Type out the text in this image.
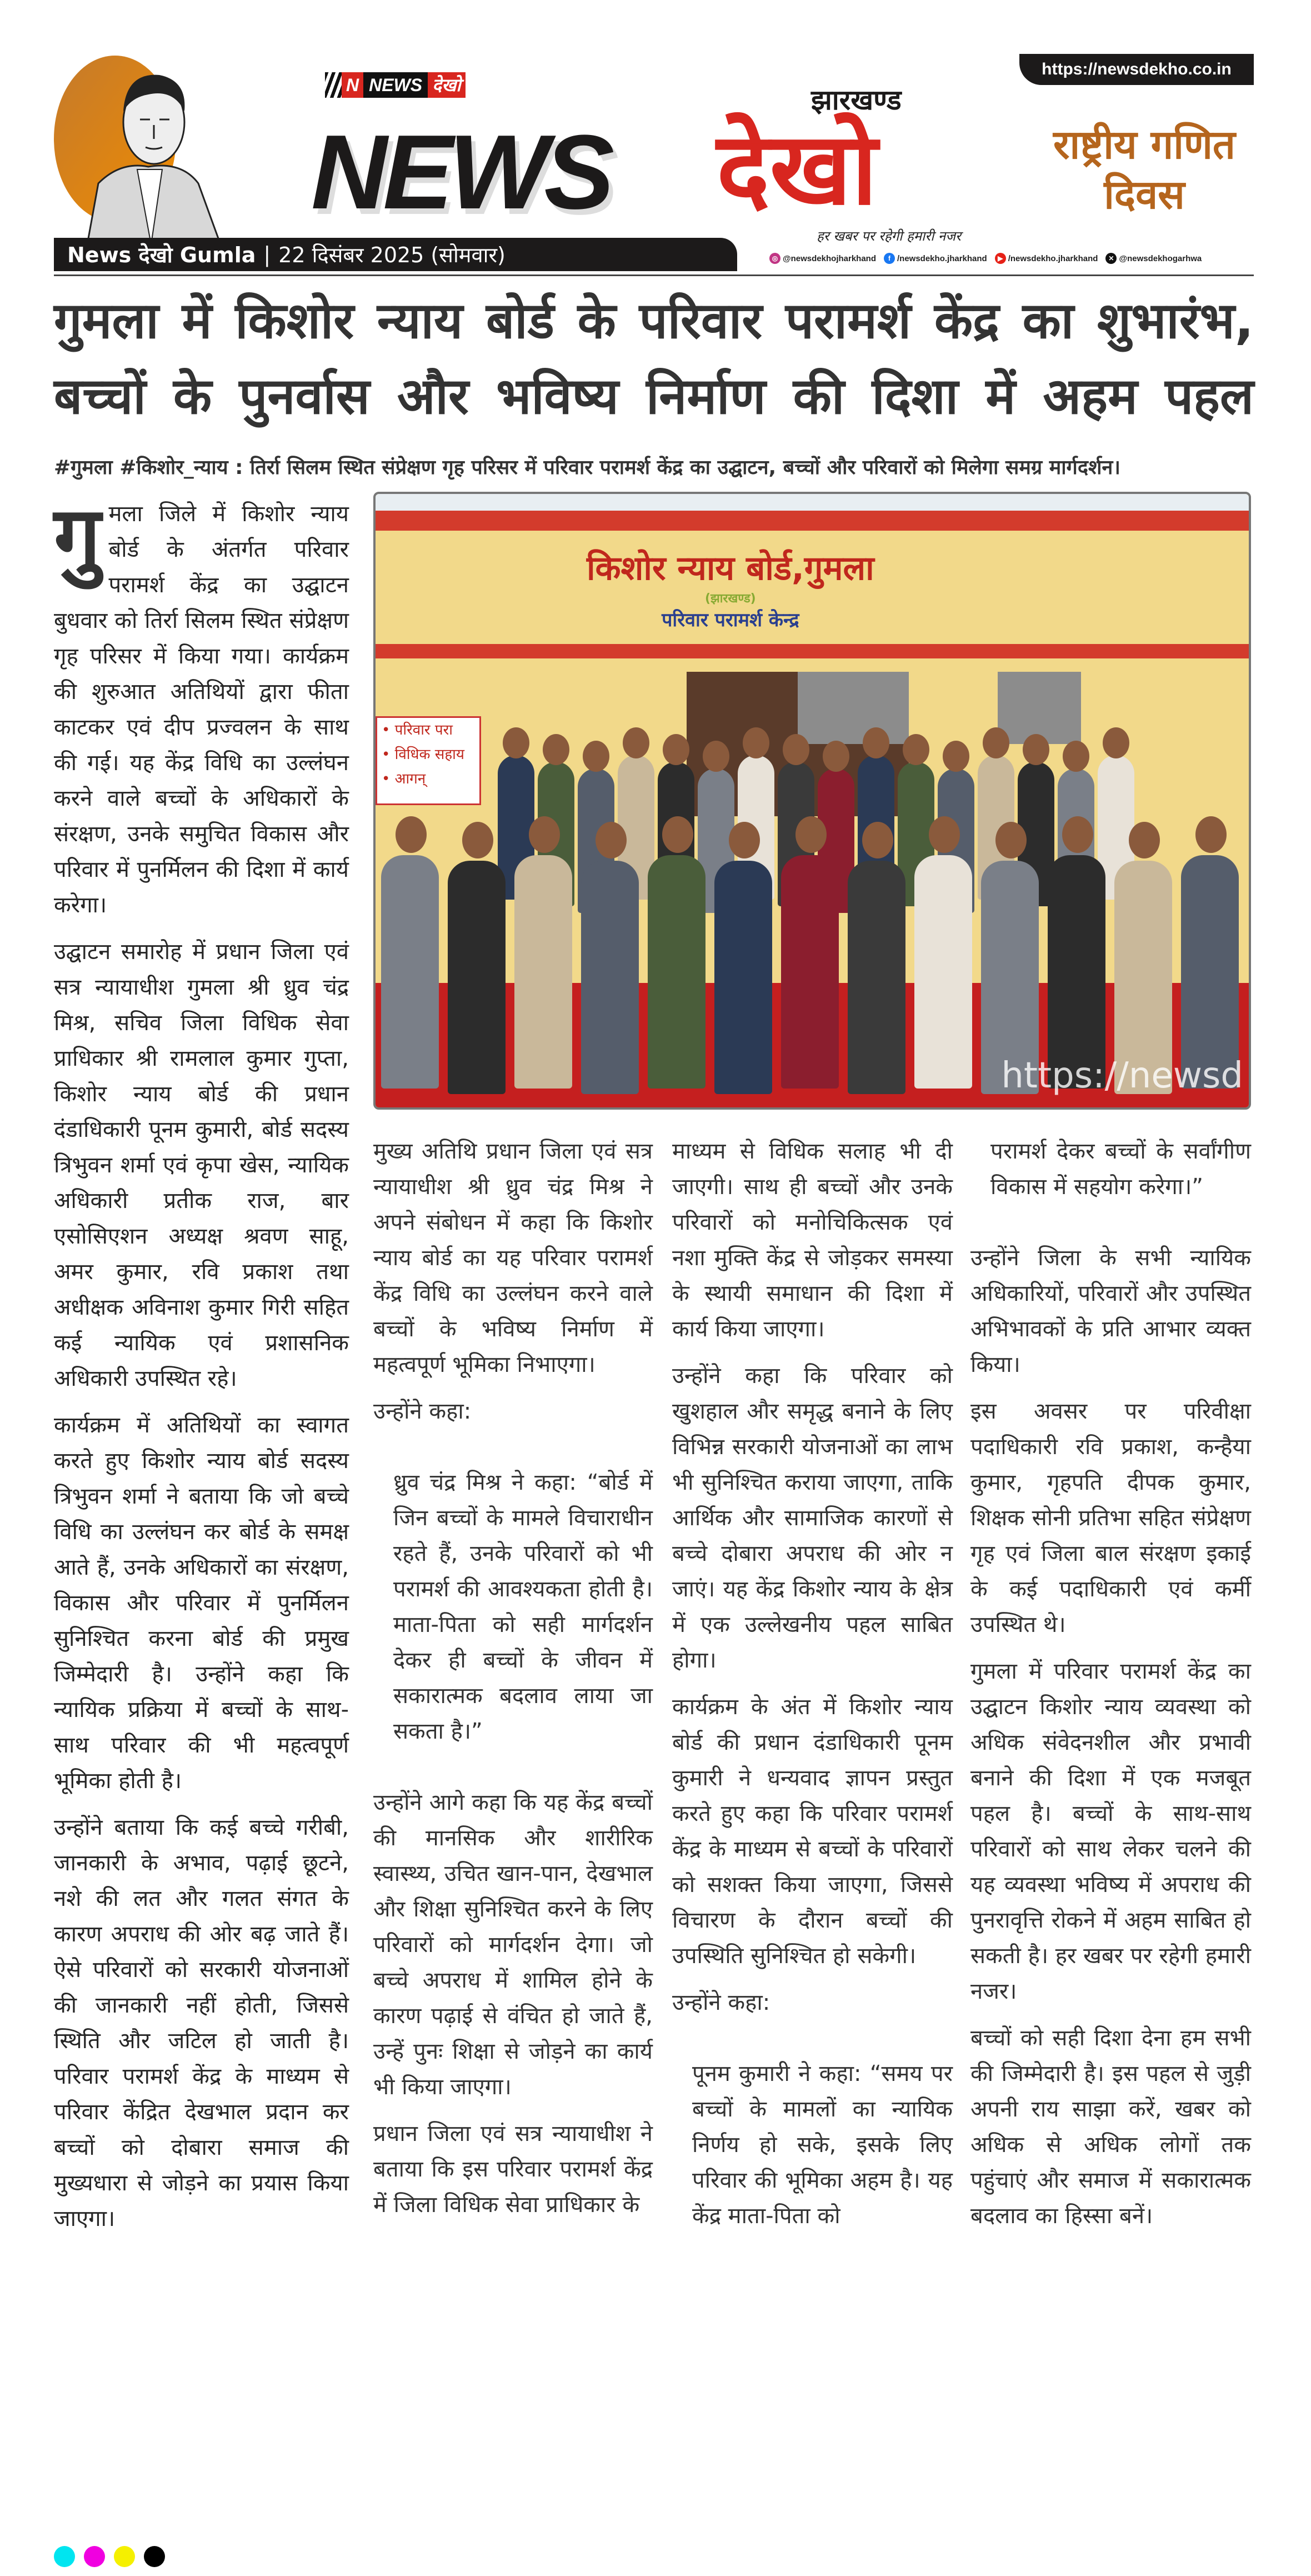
https://newsdekho.co.in
N NEWS देखो
NEWS
झारखण्ड
देखो
हर खबर पर रहेगी हमारी नजर
राष्ट्रीय गणित
दिवस
News देखो Gumla | 22 दिसंबर 2025 (सोमवार)	◎ @newsdekhojharkhand	f /newsdekho.jharkhand	▶ /newsdekho.jharkhand	✕ @newsdekhogarhwa
गुमला में किशोर न्याय बोर्ड के परिवार परामर्श केंद्र का शुभारंभ,
बच्चों के पुनर्वास और भविष्य निर्माण की दिशा में अहम पहल
#गुमला #किशोर_न्याय : तिर्रा सिलम स्थित संप्रेक्षण गृह परिसर में परिवार परामर्श केंद्र का उद्घाटन, बच्चों और परिवारों को मिलेगा समग्र मार्गदर्शन।

गुमला जिले में किशोर न्याय बोर्ड के अंतर्गत परिवार परामर्श केंद्र का उद्घाटन बुधवार को तिर्रा सिलम स्थित संप्रेक्षण गृह परिसर में किया गया। कार्यक्रम की शुरुआत अतिथियों द्वारा फीता काटकर एवं दीप प्रज्वलन के साथ की गई। यह केंद्र विधि का उल्लंघन करने वाले बच्चों के अधिकारों के संरक्षण, उनके समुचित विकास और परिवार में पुनर्मिलन की दिशा में कार्य करेगा।

उद्घाटन समारोह में प्रधान जिला एवं सत्र न्यायाधीश गुमला श्री ध्रुव चंद्र मिश्र, सचिव जिला विधिक सेवा प्राधिकार श्री रामलाल कुमार गुप्ता, किशोर न्याय बोर्ड की प्रधान दंडाधिकारी पूनम कुमारी, बोर्ड सदस्य त्रिभुवन शर्मा एवं कृपा खेस, न्यायिक अधिकारी प्रतीक राज, बार एसोसिएशन अध्यक्ष श्रवण साहू, अमर कुमार, रवि प्रकाश तथा अधीक्षक अविनाश कुमार गिरी सहित कई न्यायिक एवं प्रशासनिक अधिकारी उपस्थित रहे।

कार्यक्रम में अतिथियों का स्वागत करते हुए किशोर न्याय बोर्ड सदस्य त्रिभुवन शर्मा ने बताया कि जो बच्चे विधि का उल्लंघन कर बोर्ड के समक्ष आते हैं, उनके अधिकारों का संरक्षण, विकास और परिवार में पुनर्मिलन सुनिश्चित करना बोर्ड की प्रमुख जिम्मेदारी है। उन्होंने कहा कि न्यायिक प्रक्रिया में बच्चों के साथ-साथ परिवार की भी महत्वपूर्ण भूमिका होती है।

उन्होंने बताया कि कई बच्चे गरीबी, जानकारी के अभाव, पढ़ाई छूटने, नशे की लत और गलत संगत के कारण अपराध की ओर बढ़ जाते हैं। ऐसे परिवारों को सरकारी योजनाओं की जानकारी नहीं होती, जिससे स्थिति और जटिल हो जाती है। परिवार परामर्श केंद्र के माध्यम से परिवार केंद्रित देखभाल प्रदान कर बच्चों को दोबारा समाज की मुख्यधारा से जोड़ने का प्रयास किया जाएगा।

किशोर न्याय बोर्ड,गुमला
(झारखण्ड)
परिवार परामर्श केन्द्र
• परिवार परा
• विधिक सहाय
• आगन्
https://newsd

मुख्य अतिथि प्रधान जिला एवं सत्र न्यायाधीश श्री ध्रुव चंद्र मिश्र ने अपने संबोधन में कहा कि किशोर न्याय बोर्ड का यह परिवार परामर्श केंद्र विधि का उल्लंघन करने वाले बच्चों के भविष्य निर्माण में महत्वपूर्ण भूमिका निभाएगा।

उन्होंने कहा:

ध्रुव चंद्र मिश्र ने कहा: “बोर्ड में जिन बच्चों के मामले विचाराधीन रहते हैं, उनके परिवारों को भी परामर्श की आवश्यकता होती है। माता-पिता को सही मार्गदर्शन देकर ही बच्चों के जीवन में सकारात्मक बदलाव लाया जा सकता है।”

उन्होंने आगे कहा कि यह केंद्र बच्चों की मानसिक और शारीरिक स्वास्थ्य, उचित खान-पान, देखभाल और शिक्षा सुनिश्चित करने के लिए परिवारों को मार्गदर्शन देगा। जो बच्चे अपराध में शामिल होने के कारण पढ़ाई से वंचित हो जाते हैं, उन्हें पुनः शिक्षा से जोड़ने का कार्य भी किया जाएगा।

प्रधान जिला एवं सत्र न्यायाधीश ने बताया कि इस परिवार परामर्श केंद्र में जिला विधिक सेवा प्राधिकार के

माध्यम से विधिक सलाह भी दी जाएगी। साथ ही बच्चों और उनके परिवारों को मनोचिकित्सक एवं नशा मुक्ति केंद्र से जोड़कर समस्या के स्थायी समाधान की दिशा में कार्य किया जाएगा।

उन्होंने कहा कि परिवार को खुशहाल और समृद्ध बनाने के लिए विभिन्न सरकारी योजनाओं का लाभ भी सुनिश्चित कराया जाएगा, ताकि आर्थिक और सामाजिक कारणों से बच्चे दोबारा अपराध की ओर न जाएं। यह केंद्र किशोर न्याय के क्षेत्र में एक उल्लेखनीय पहल साबित होगा।

कार्यक्रम के अंत में किशोर न्याय बोर्ड की प्रधान दंडाधिकारी पूनम कुमारी ने धन्यवाद ज्ञापन प्रस्तुत करते हुए कहा कि परिवार परामर्श केंद्र के माध्यम से बच्चों के परिवारों को सशक्त किया जाएगा, जिससे विचारण के दौरान बच्चों की उपस्थिति सुनिश्चित हो सकेगी।

उन्होंने कहा:

पूनम कुमारी ने कहा: “समय पर बच्चों के मामलों का न्यायिक निर्णय हो सके, इसके लिए परिवार की भूमिका अहम है। यह केंद्र माता-पिता को

परामर्श देकर बच्चों के सर्वांगीण विकास में सहयोग करेगा।”

उन्होंने जिला के सभी न्यायिक अधिकारियों, परिवारों और उपस्थित अभिभावकों के प्रति आभार व्यक्त किया।

इस अवसर पर परिवीक्षा पदाधिकारी रवि प्रकाश, कन्हैया कुमार, गृहपति दीपक कुमार, शिक्षक सोनी प्रतिभा सहित संप्रेक्षण गृह एवं जिला बाल संरक्षण इकाई के कई पदाधिकारी एवं कर्मी उपस्थित थे।

गुमला में परिवार परामर्श केंद्र का उद्घाटन किशोर न्याय व्यवस्था को अधिक संवेदनशील और प्रभावी बनाने की दिशा में एक मजबूत पहल है। बच्चों के साथ-साथ परिवारों को साथ लेकर चलने की यह व्यवस्था भविष्य में अपराध की पुनरावृत्ति रोकने में अहम साबित हो सकती है। हर खबर पर रहेगी हमारी नजर।

बच्चों को सही दिशा देना हम सभी की जिम्मेदारी है। इस पहल से जुड़ी अपनी राय साझा करें, खबर को अधिक से अधिक लोगों तक पहुंचाएं और समाज में सकारात्मक बदलाव का हिस्सा बनें।
